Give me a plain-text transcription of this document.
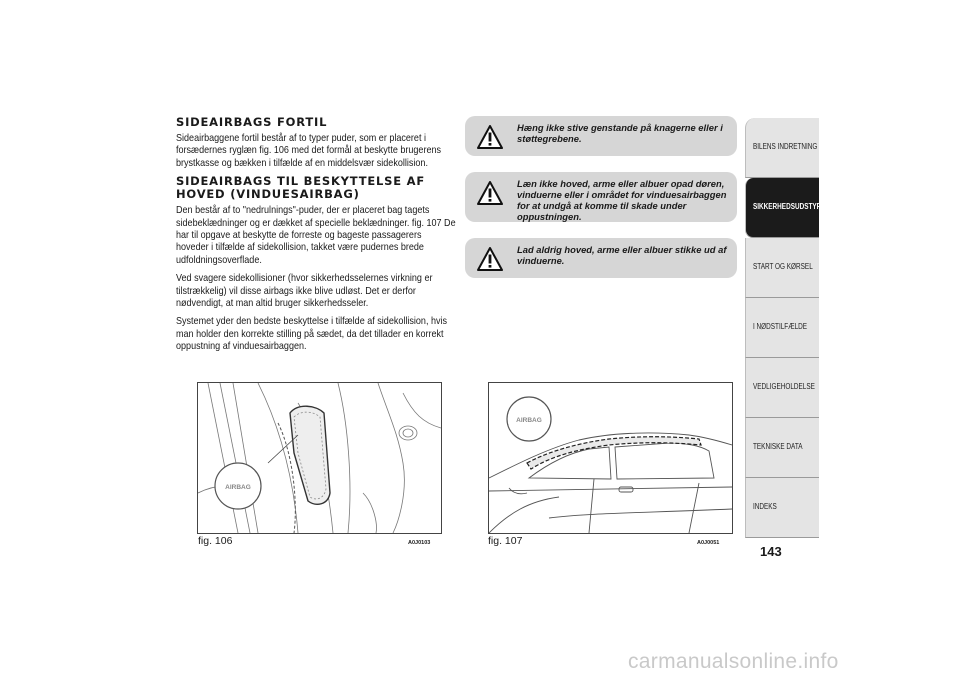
SIDEAIRBAGS FORTIL

Sideairbaggene fortil består af to typer puder, som er placeret i forsædernes ryglæn fig. 106 med det formål at beskytte brugerens brystkasse og bækken i tilfælde af en middelsvær sidekollision.

SIDEAIRBAGS TIL BESKYTTELSE AF HOVED (VINDUESAIRBAG)

Den består af to "nedrulnings"-puder, der er placeret bag tagets sidebeklædninger og er dækket af specielle beklædninger. fig. 107 De har til opgave at beskytte de forreste og bageste passagerers hoveder i tilfælde af sidekollision, takket være pudernes brede udfoldningsoverflade.

Ved svagere sidekollisioner (hvor sikkerhedsselernes virkning er tilstrækkelig) vil disse airbags ikke blive udløst. Det er derfor nødvendigt, at man altid bruger sikkerhedsseler.

Systemet yder den bedste beskyttelse i tilfælde af sidekollision, hvis man holder den korrekte stilling på sædet, da det tillader en korrekt oppustning af vinduesairbaggen.

Hæng ikke stive genstande på knagerne eller i støttegrebene.
Læn ikke hoved, arme eller albuer opad døren, vinduerne eller i området for vinduesairbaggen for at undgå at komme til skade under oppustningen.
Lad aldrig hoved, arme eller albuer stikke ud af vinduerne.
AIRBAG
fig. 106	A0J0103
AIRBAG
fig. 107	A0J0051
BILENS INDRETNING
SIKKERHEDSUDSTYR
START OG KØRSEL
I NØDSTILFÆLDE
VEDLIGEHOLDELSE
TEKNISKE DATA
INDEKS
143
carmanualsonline.info
